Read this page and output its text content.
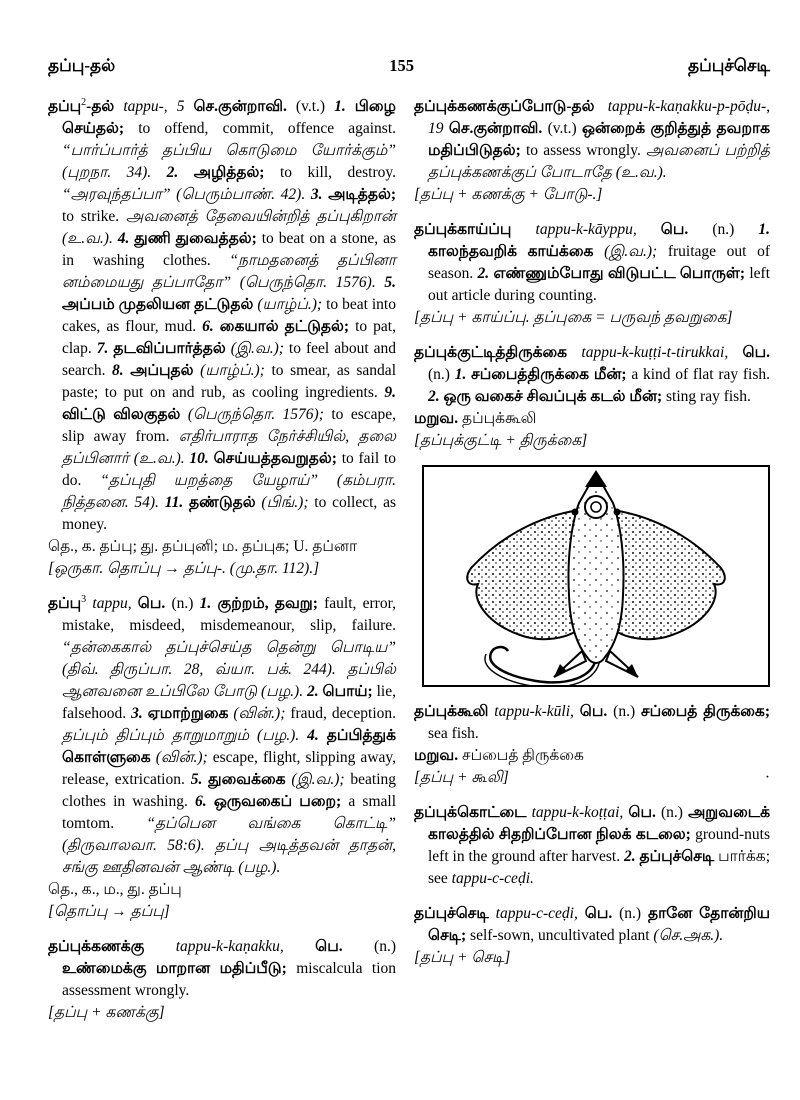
தப்பு-தல்	155	தப்புச்செடி

தப்பு$^2$-தல் tappu-, 5 செ.குன்றாவி. (v.t.) 1. பிழை செய்தல்; to offend, commit, offence against. “பார்ப்பார்த் தப்பிய கொடுமை யோர்க்கும்” (புறநா. 34). 2. அழித்தல்; to kill, destroy. “அரவுந்தப்பா” (பெரும்பாண். 42). 3. அடித்தல்; to strike. அவனைத் தேவையின்றித் தப்புகிறான் (உ.வ.). 4. துணி துவைத்தல்; to beat on a stone, as in washing clothes. “நாமதனைத் தப்பினா னம்மையது தப்பாதோ” (பெருந்தொ. 1576). 5. அப்பம் முதலியன தட்டுதல் (யாழ்ப்.); to beat into cakes, as flour, mud. 6. கையால் தட்டுதல்; to pat, clap. 7. தடவிப்பார்த்தல் (இ.வ.); to feel about and search. 8. அப்புதல் (யாழ்ப்.); to smear, as sandal paste; to put on and rub, as cooling ingredients. 9. விட்டு விலகுதல் (பெருந்தொ. 1576); to escape, slip away from. எதிர்பாராத நேர்ச்சியில், தலை தப்பினார் (உ.வ.). 10. செய்யத்தவறுதல்; to fail to do. “தப்புதி யறத்தை யேழாய்” (கம்பரா. நித்தனை. 54). 11. தண்டுதல் (பிங்.); to collect, as money.

தெ., க. தப்பு; து. தப்புனி; ம. தப்புக; U. தப்னா

[ஒருகா. தொப்பு → தப்பு-. (மு.தா. 112).]

தப்பு$^3$ tappu, பெ. (n.) 1. குற்றம், தவறு; fault, error, mistake, misdeed, misdemeanour, slip, failure. “தன்கைகால் தப்புச்செய்த தென்று பொடிய” (திவ். திருப்பா. 28, வ்யா. பக். 244). தப்பில் ஆனவனை உப்பிலே போடு (பழ.). 2. பொய்; lie, falsehood. 3. ஏமாற்றுகை (வின்.); fraud, deception. தப்பும் திப்பும் தாறுமாறும் (பழ.). 4. தப்பித்துக் கொள்ளுகை (வின்.); escape, flight, slipping away, release, extrication. 5. துவைக்கை (இ.வ.); beating clothes in washing. 6. ஒருவகைப் பறை; a small tomtom. “தப்பென வங்கை கொட்டி” (திருவாலவா. 58:6). தப்பு அடித்தவன் தாதன், சங்கு ஊதினவன் ஆண்டி (பழ.).

தெ., க., ம., து. தப்பு

[தொப்பு → தப்பு]

தப்புக்கணக்கு tappu-k-kaṇakku, பெ. (n.) உண்மைக்கு மாறான மதிப்பீடு; miscalcula tion assessment wrongly.

[தப்பு + கணக்கு]

தப்புக்கணக்குப்போடு-தல் tappu-k-kaṇakku-p-pōḍu-, 19 செ.குன்றாவி. (v.t.) ஒன்றைக் குறித்துத் தவறாக மதிப்பிடுதல்; to assess wrongly. அவனைப் பற்றித் தப்புக்கணக்குப் போடாதே (உ.வ.).

[தப்பு + கணக்கு + போடு-.]

தப்புக்காய்ப்பு tappu-k-kāyppu, பெ. (n.) 1. காலந்தவறிக் காய்க்கை (இ.வ.); fruitage out of season. 2. எண்ணும்போது விடுபட்ட பொருள்; left out article during counting.

[தப்பு + காய்ப்பு. தப்புகை = பருவந் தவறுகை]

தப்புக்குட்டித்திருக்கை tappu-k-kuṭṭi-t-tirukkai, பெ. (n.) 1. சப்பைத்திருக்கை மீன்; a kind of flat ray fish. 2. ஒரு வகைச் சிவப்புக் கடல் மீன்; sting ray fish.

மறுவ. தப்புக்கூலி

[தப்புக்குட்டி + திருக்கை]

தப்புக்கூலி tappu-k-kūli, பெ. (n.) சப்பைத் திருக்கை; sea fish.

மறுவ. சப்பைத் திருக்கை

·
[தப்பு + கூலி]

தப்புக்கொட்டை tappu-k-koṭṭai, பெ. (n.) அறுவடைக் காலத்தில் சிதறிப்போன நிலக் கடலை; ground-nuts left in the ground after harvest. 2. தப்புச்செடி பார்க்க; see tappu-c-ceḍi.

தப்புச்செடி tappu-c-ceḍi, பெ. (n.) தானே தோன்றிய செடி; self-sown, uncultivated plant (செ.அக.).

[தப்பு + செடி]
